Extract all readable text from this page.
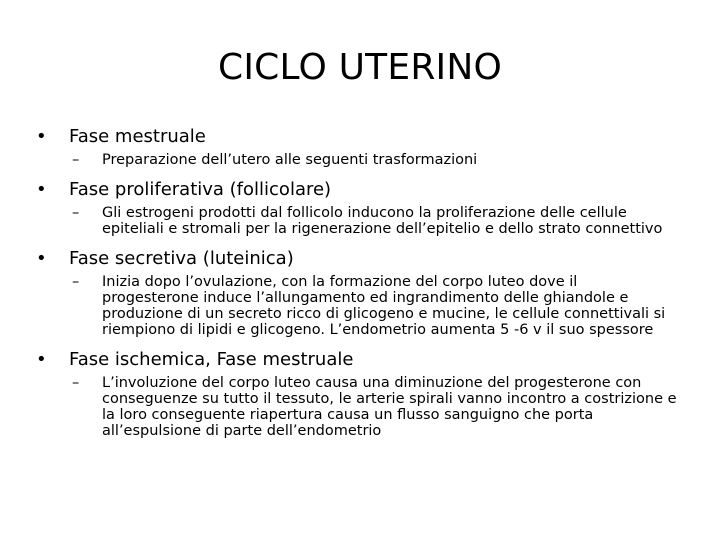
CICLO UTERINO
• Fase mestruale
–	Preparazione dell’utero alle seguenti trasformazioni
• Fase proliferativa (follicolare)
–	Gli estrogeni prodotti dal follicolo inducono la proliferazione delle cellule epiteliali e stromali per la rigenerazione dell’epitelio e dello strato connettivo
• Fase secretiva (luteinica)
–	Inizia dopo l’ovulazione, con la formazione del corpo luteo dove il progesterone induce l’allungamento ed ingrandimento delle ghiandole e produzione di un secreto ricco di glicogeno e mucine, le cellule connettivali si riempiono di lipidi e glicogeno. L’endometrio aumenta 5 -6 v il suo spessore
• Fase ischemica, Fase mestruale
–	L’involuzione del corpo luteo causa una diminuzione del progesterone con conseguenze su tutto il tessuto, le arterie spirali vanno incontro a costrizione e la loro conseguente riapertura causa un flusso sanguigno che porta all’espulsione di parte dell’endometrio
